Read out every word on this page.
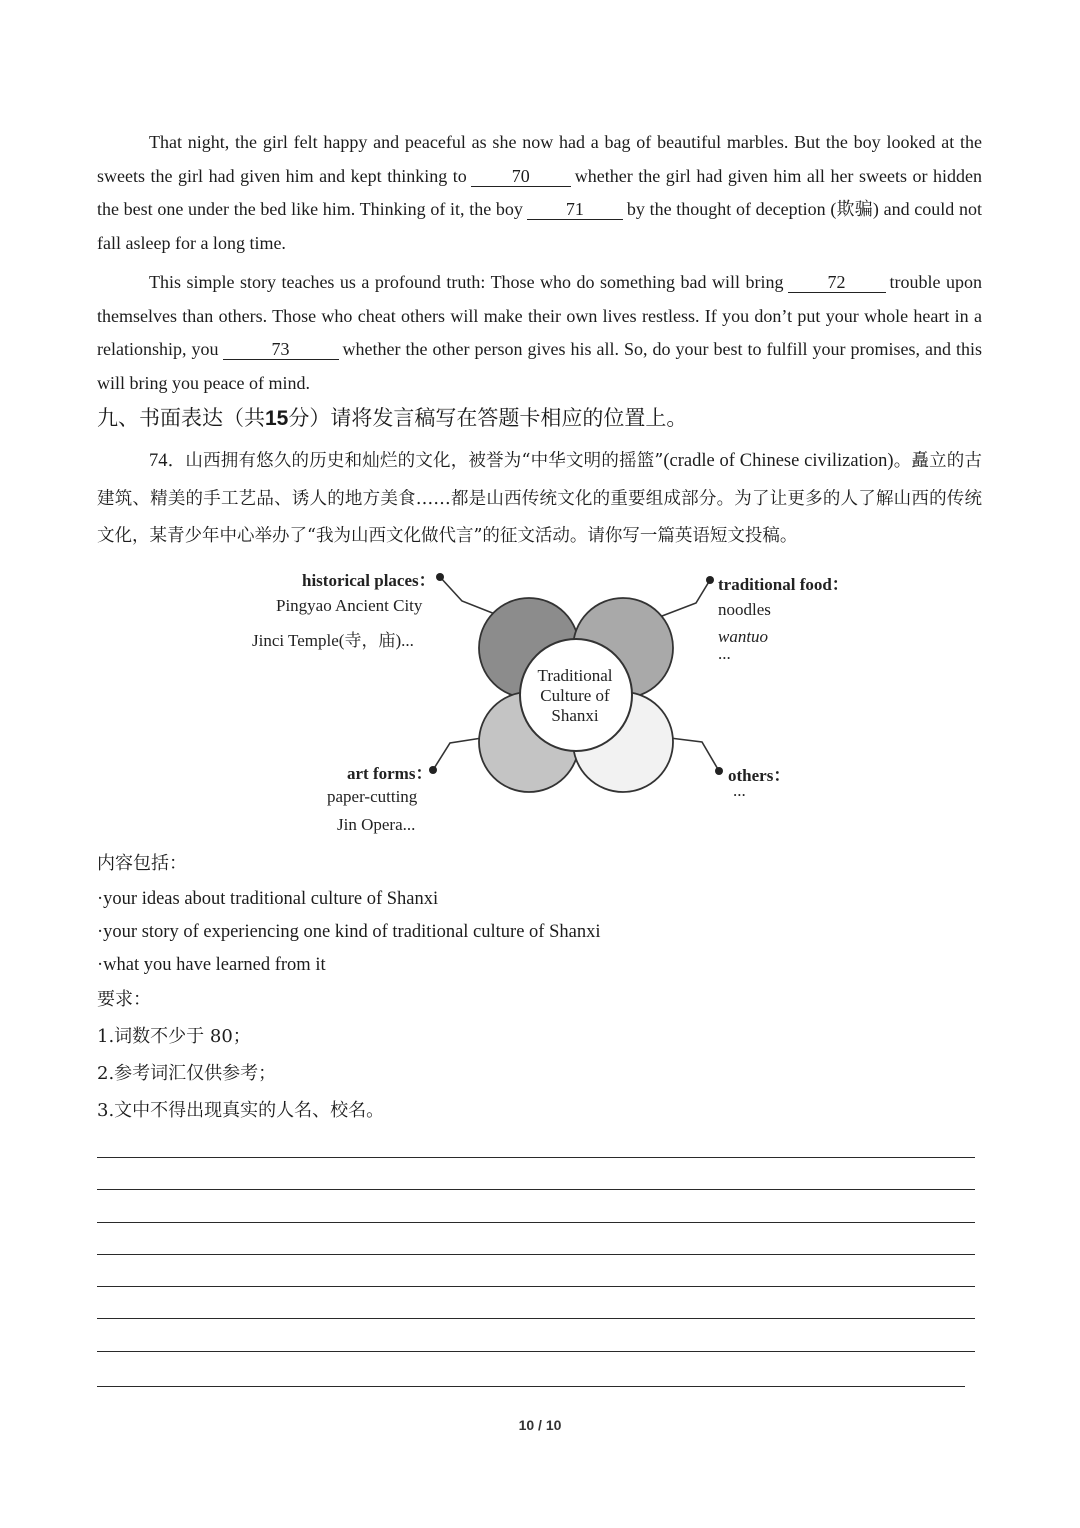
That night, the girl felt happy and peaceful as she now had a bag of beautiful marbles. But the boy looked at the sweets the girl had given him and kept thinking to	70	whether the girl had given him all her sweets or hidden the best one under the bed like him. Thinking of it, the boy 71 by the thought of deception (欺骗) and could not fall asleep for a long time.

This simple story teaches us a profound truth: Those who do something bad will bring 72 trouble upon themselves than others. Those who cheat others will make their own lives restless. If you don’t put your whole heart in a relationship, you	73	whether the other person gives his all. So, do your best to fulfill your promises, and this will bring you peace of mind.

九、书面表达（共15分）请将发言稿写在答题卡相应的位置上。

74．山西拥有悠久的历史和灿烂的文化，被誉为“中华文明的摇篮”(cradle of Chinese civilization)。矗立的古建筑、精美的手工艺品、诱人的地方美食……都是山西传统文化的重要组成部分。为了让更多的人了解山西的传统文化，某青少年中心举办了“我为山西文化做代言”的征文活动。请你写一篇英语短文投稿。

Traditional
Culture of
Shanxi
historical places：
Pingyao Ancient City
Jinci Temple(寺，庙)...
traditional food：
noodles
wantuo
...
art forms：
paper-cutting
Jin Opera...
others：
...

内容包括：

·your ideas about traditional culture of Shanxi

·your story of experiencing one kind of traditional culture of Shanxi

·what you have learned from it

要求：

1.词数不少于 80；

2.参考词汇仅供参考；

3.文中不得出现真实的人名、校名。

10 / 10
